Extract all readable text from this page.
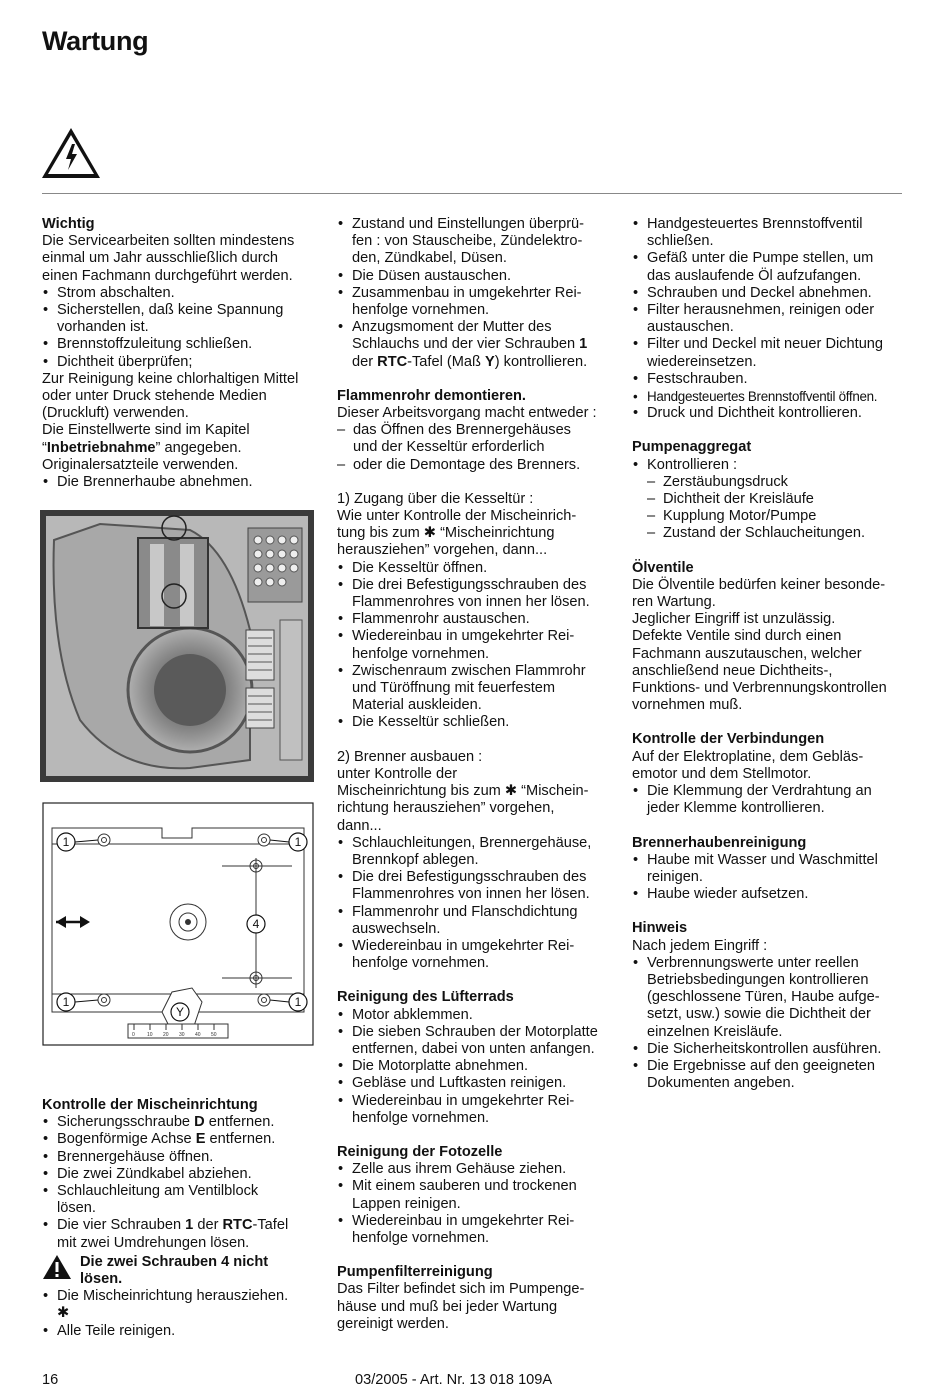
Wartung

Wichtig

Die Servicearbeiten sollten mindestens

einmal um Jahr ausschließlich durch

einen Fachmann durchgeführt werden.

• Strom abschalten.

• Sicherstellen, daß keine Spannung

vorhanden ist.

• Brennstoffzuleitung schließen.

• Dichtheit überprüfen;

Zur Reinigung keine chlorhaltigen Mittel

oder unter Druck stehende Medien

(Druckluft) verwenden.

Die Einstellwerte sind im Kapitel

“Inbetriebnahme” angegeben.

Originalersatzteile verwenden.

• Die Brennerhaube abnehmen.

0 10 20 30 40 50
1	1
1	1
4
Y

Kontrolle der Mischeinrichtung

• Sicherungsschraube D entfernen.

• Bogenförmige Achse E entfernen.

• Brennergehäuse öffnen.

• Die zwei Zündkabel abziehen.

• Schlauchleitung am Ventilblock

lösen.

• Die vier Schrauben 1 der RTC-Tafel

mit zwei Umdrehungen lösen.

Die zwei Schrauben 4 nicht

lösen.

• Die Mischeinrichtung herausziehen.

✱

• Alle Teile reinigen.

• Zustand und Einstellungen überprü-

fen : von Stauscheibe, Zündelektro-

den, Zündkabel, Düsen.

• Die Düsen austauschen.

• Zusammenbau in umgekehrter Rei-

henfolge vornehmen.

• Anzugsmoment der Mutter des

Schlauchs und der vier Schrauben 1

der RTC-Tafel (Maß Y) kontrollieren.

Flammenrohr demontieren.

Dieser Arbeitsvorgang macht entweder :

– das Öffnen des Brennergehäuses

und der Kesseltür erforderlich

– oder die Demontage des Brenners.

1) Zugang über die Kesseltür :

Wie unter Kontrolle der Mischeinrich-

tung bis zum ✱ “Mischeinrichtung

herausziehen” vorgehen, dann...

• Die Kesseltür öffnen.

• Die drei Befestigungsschrauben des

Flammenrohres von innen her lösen.

• Flammenrohr austauschen.

• Wiedereinbau in umgekehrter Rei-

henfolge vornehmen.

• Zwischenraum zwischen Flammrohr

und Türöffnung mit feuerfestem

Material auskleiden.

• Die Kesseltür schließen.

2) Brenner ausbauen :

unter Kontrolle der

Mischeinrichtung bis zum ✱ “Mischein-

richtung herausziehen” vorgehen,

dann...

• Schlauchleitungen, Brennergehäuse,

Brennkopf ablegen.

• Die drei Befestigungsschrauben des

Flammenrohres von innen her lösen.

• Flammenrohr und Flanschdichtung

auswechseln.

• Wiedereinbau in umgekehrter Rei-

henfolge vornehmen.

Reinigung des Lüfterrads

• Motor abklemmen.

• Die sieben Schrauben der Motorplatte

entfernen, dabei von unten anfangen.

• Die Motorplatte abnehmen.

• Gebläse und Luftkasten reinigen.

• Wiedereinbau in umgekehrter Rei-

henfolge vornehmen.

Reinigung der Fotozelle

• Zelle aus ihrem Gehäuse ziehen.

• Mit einem sauberen und trockenen

Lappen reinigen.

• Wiedereinbau in umgekehrter Rei-

henfolge vornehmen.

Pumpenfilterreinigung

Das Filter befindet sich im Pumpenge-

häuse und muß bei jeder Wartung

gereinigt werden.

• Handgesteuertes Brennstoffventil

schließen.

• Gefäß unter die Pumpe stellen, um

das auslaufende Öl aufzufangen.

• Schrauben und Deckel abnehmen.

• Filter herausnehmen, reinigen oder

austauschen.

• Filter und Deckel mit neuer Dichtung

wiedereinsetzen.

• Festschrauben.

• Handgesteuertes Brennstoffventil öffnen.

• Druck und Dichtheit kontrollieren.

Pumpenaggregat

• Kontrollieren :

– Zerstäubungsdruck

– Dichtheit der Kreisläufe

– Kupplung Motor/Pumpe

– Zustand der Schlaucheitungen.

Ölventile

Die Ölventile bedürfen keiner besonde-

ren Wartung.

Jeglicher Eingriff ist unzulässig.

Defekte Ventile sind durch einen

Fachmann auszutauschen, welcher

anschließend neue Dichtheits-,

Funktions- und Verbrennungskontrollen

vornehmen muß.

Kontrolle der Verbindungen

Auf der Elektroplatine, dem Gebläs-

emotor und dem Stellmotor.

• Die Klemmung der Verdrahtung an

jeder Klemme kontrollieren.

Brennerhaubenreinigung

• Haube mit Wasser und Waschmittel

reinigen.

• Haube wieder aufsetzen.

Hinweis

Nach jedem Eingriff :

• Verbrennungswerte unter reellen

Betriebsbedingungen kontrollieren

(geschlossene Türen, Haube aufge-

setzt, usw.) sowie die Dichtheit der

einzelnen Kreisläufe.

• Die Sicherheitskontrollen ausführen.

• Die Ergebnisse auf den geeigneten

Dokumenten angeben.

16	03/2005 - Art. Nr. 13 018 109A
